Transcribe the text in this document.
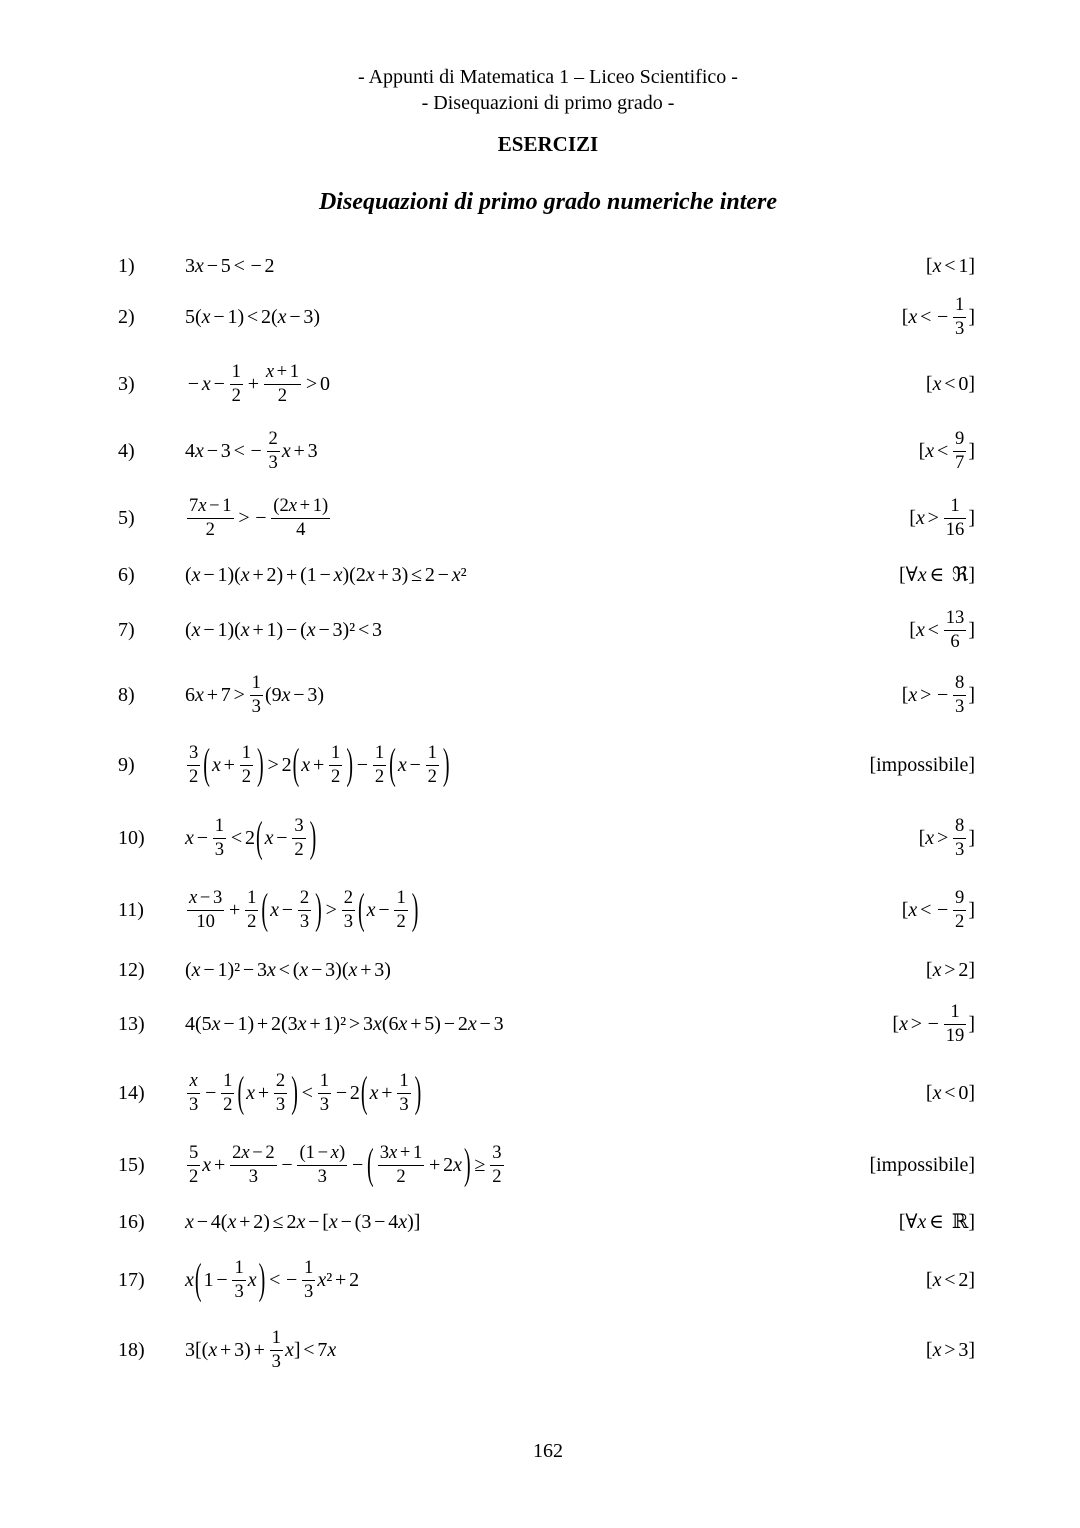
- Appunti di Matematica 1 – Liceo Scientifico -
- Disequazioni di primo grado -
ESERCIZI
Disequazioni di primo grado numeriche intere
1)	3x − 5 < − 2	[x < 1]
2)	5(x − 1) < 2(x − 3)	[x < − $\frac{1}{3}$ ]
3)	− $x - \frac{1}{2} + \frac{x + 1}{2} > 0$	[x < 0]
4)	4x − 3 < − $\frac{2}{3}$ x + 3	[$x < \frac{9}{7}$ ]
5)	$\frac{7x - 1}{2}$ > − $\frac{(2x + 1)}{4}$	[$x > \frac{1}{16}$ ]
6)	(x − 1)(x + 2) + (1 − x)(2x + 3) ≤ 2 − x²	[∀x ∈ ℜ]
7)	(x − 1)(x + 1) − (x − 3)² < 3	[$x < \frac{13}{6}$ ]
8)	$6x + 7 > \frac{1}{3} (9x - 3)$	[x > − $\frac{8}{3}$ ]
9)	$\frac{3}{2}$ ( $x + \frac{1}{2}$ ) > 2 ( $x + \frac{1}{2}$ ) − $\frac{1}{2}$ ( $x - \frac{1}{2}$ )	[impossibile]
10) $x - \frac{1}{3} < 2$ ( $x - \frac{3}{2}$ )	[$x > \frac{8}{3}$ ]
$11) \frac{x - 3}{10} + \frac{1}{2}$ ( $x - \frac{2}{3}$ ) > $\frac{2}{3}$ ( $x - \frac{1}{2}$ )	[x < − $\frac{9}{2}$ ]
12) (x − 1)² − 3x < (x − 3)(x + 3)	[x > 2]
13) 4(5x − 1) + 2(3x + 1)² > 3x(6x + 5) − 2x − 3	[x > − $\frac{1}{19}$ ]
$14) \frac{x}{3} - \frac{1}{2}$ ( $x + \frac{2}{3}$ ) < $\frac{1}{3} - 2$ ( $x + \frac{1}{3}$ )	[x < 0]
$15) \frac{5}{2}$ $x + \frac{2x - 2}{3} - \frac{(1 - x)}{3}$ − ( $\frac{3x + 1}{2} + 2x$ ) ≥ $\frac{3}{2}$	[impossibile]
16) x − 4(x + 2) ≤ 2x − [x − (3 − 4x)]	[∀x ∈ ℝ]
17) x ( $1 - \frac{1}{3}$ x ) < − $\frac{1}{3} x^2 + 2$	[x < 2]
18) $3[(x + 3) + \frac{1}{3} x] < 7x$	[x > 3]
162
